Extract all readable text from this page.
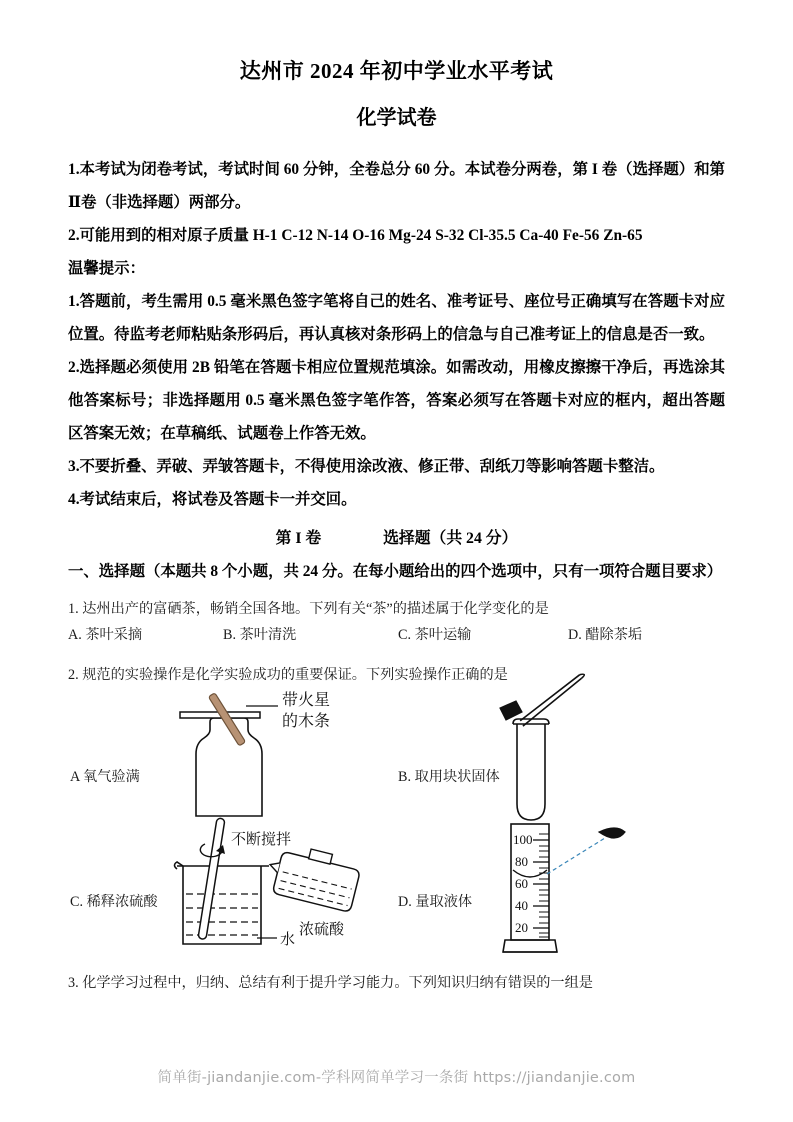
达州市 2024 年初中学业水平考试
化学试卷

1.本考试为闭卷考试，考试时间 60 分钟，全卷总分 60 分。本试卷分两卷，第 I 卷（选择题）和第Ⅱ卷（非选择题）两部分。

2.可能用到的相对原子质量 H-1 C-12 N-14 O-16 Mg-24 S-32 Cl-35.5 Ca-40 Fe-56 Zn-65

温馨提示：

1.答题前，考生需用 0.5 毫米黑色签字笔将自己的姓名、准考证号、座位号正确填写在答题卡对应位置。待监考老师粘贴条形码后，再认真核对条形码上的信急与自己准考证上的信息是否一致。

2.选择题必须使用 2B 铅笔在答题卡相应位置规范填涂。如需改动，用橡皮擦擦干净后，再选涂其他答案标号；非选择题用 0.5 毫米黑色签字笔作答，答案必须写在答题卡对应的框内，超出答题区答案无效；在草稿纸、试题卷上作答无效。

3.不要折叠、弄破、弄皱答题卡，不得使用涂改液、修正带、刮纸刀等影响答题卡整洁。

4.考试结束后，将试卷及答题卡一并交回。

第 I 卷	选择题（共 24 分）

一、选择题（本题共 8 个小题，共 24 分。在每小题给出的四个选项中，只有一项符合题目要求）

1. 达州出产的富硒茶，畅销全国各地。下列有关“茶”的描述属于化学变化的是

A. 茶叶采摘	B. 茶叶清洗	C. 茶叶运输	D. 醋除茶垢

2. 规范的实验操作是化学实验成功的重要保证。下列实验操作正确的是

A 氧气验满
带火星
的木条
B. 取用块状固体
C. 稀释浓硫酸
不断搅拌
浓硫酸
水
D. 量取液体
100
80
60
40
20

3. 化学学习过程中，归纳、总结有利于提升学习能力。下列知识归纳有错误的一组是

简单街-jiandanjie.com-学科网简单学习一条街 https://jiandanjie.com
